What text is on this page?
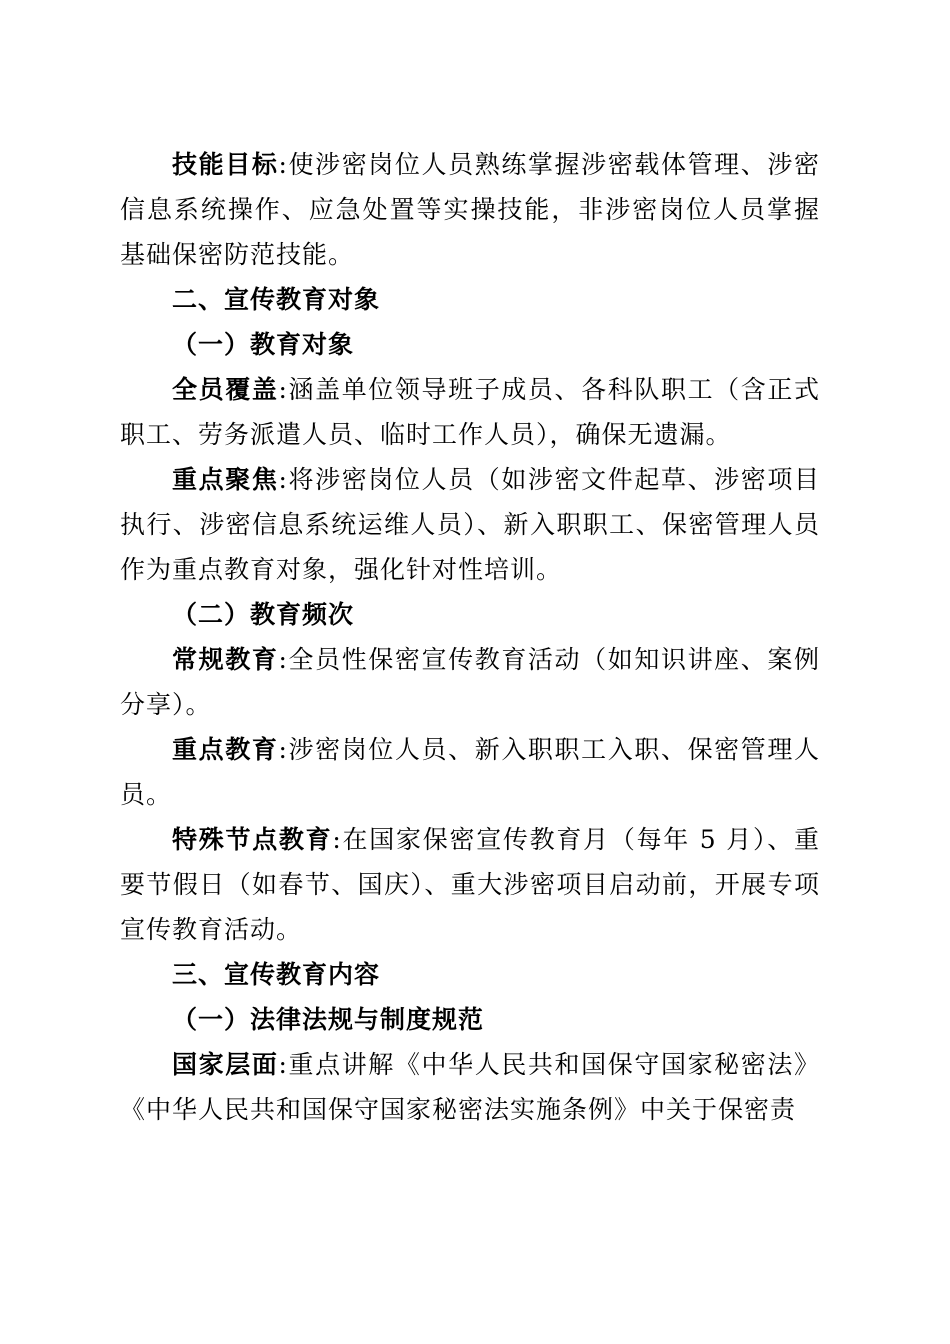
技能目标:使涉密岗位人员熟练掌握涉密载体管理、涉密信息系统操作、应急处置等实操技能，非涉密岗位人员掌握基础保密防范技能。

二、宣传教育对象

（一）教育对象

全员覆盖:涵盖单位领导班子成员、各科队职工（含正式职工、劳务派遣人员、临时工作人员），确保无遗漏。

重点聚焦:将涉密岗位人员（如涉密文件起草、涉密项目执行、涉密信息系统运维人员）、新入职职工、保密管理人员作为重点教育对象，强化针对性培训。

（二）教育频次

常规教育:全员性保密宣传教育活动（如知识讲座、案例分享）。

重点教育:涉密岗位人员、新入职职工入职、保密管理人员。

特殊节点教育:在国家保密宣传教育月（每年 5 月）、重要节假日（如春节、国庆）、重大涉密项目启动前，开展专项宣传教育活动。

三、宣传教育内容

（一）法律法规与制度规范

国家层面:重点讲解《中华人民共和国保守国家秘密法》《中华人民共和国保守国家秘密法实施条例》中关于保密责
